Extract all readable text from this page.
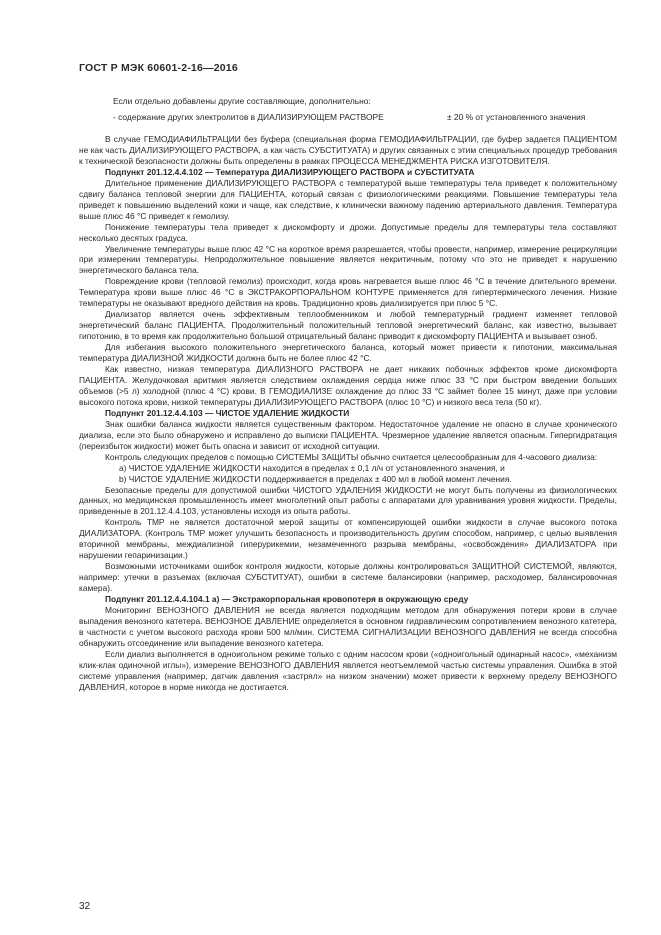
ГОСТ Р МЭК 60601-2-16—2016
Если отдельно добавлены другие составляющие, дополнительно:
- содержание других электролитов в ДИАЛИЗИРУЮЩЕМ РАСТВОРЕ	± 20 % от установленного значения

В случае ГЕМОДИАФИЛЬТРАЦИИ без буфера (специальная форма ГЕМОДИАФИЛЬТРАЦИИ, где буфер задается ПАЦИЕНТОМ не как часть ДИАЛИЗИРУЮЩЕГО РАСТВОРА, а как часть СУБСТИТУАТА) и других связанных с этим специальных процедур требования к технической безопасности должны быть определены в рамках ПРОЦЕССА МЕНЕДЖМЕНТА РИСКА ИЗГОТОВИТЕЛЯ.

Подпункт 201.12.4.4.102 — Температура ДИАЛИЗИРУЮЩЕГО РАСТВОРА и СУБСТИТУАТА

Длительное применение ДИАЛИЗИРУЮЩЕГО РАСТВОРА с температурой выше температуры тела приведет к положительному сдвигу баланса тепловой энергии для ПАЦИЕНТА, который связан с физиологическими реакциями. Повышение температуры тела приведет к повышению выделений кожи и чаще, как следствие, к клинически важному падению артериального давления. Температура выше плюс 46 °С приведет к гемолизу.

Понижение температуры тела приведет к дискомфорту и дрожи. Допустимые пределы для температуры тела составляют несколько десятых градуса.

Увеличение температуры выше плюс 42 °С на короткое время разрешается, чтобы провести, например, измерение рециркуляции при измерении температуры. Непродолжительное повышение является некритичным, потому что это не приведет к нарушению энергетического баланса тела.

Повреждение крови (тепловой гемолиз) происходит, когда кровь нагревается выше плюс 46 °С в течение длительного времени. Температура крови выше плюс 46 °С в ЭКСТРАКОРПОРАЛЬНОМ КОНТУРЕ применяется для гипертермического лечения. Низкие температуры не оказывают вредного действия на кровь. Традиционно кровь диализируется при плюс 5 °С.

Диализатор является очень эффективным теплообменником и любой температурный градиент изменяет тепловой энергетический баланс ПАЦИЕНТА. Продолжительный положительный тепловой энергетический баланс, как известно, вызывает гипотонию, в то время как продолжительно большой отрицательный баланс приводит к дискомфорту ПАЦИЕНТА и вызывает озноб.

Для избегания высокого положительного энергетического баланса, который может привести к гипотонии, максимальная температура ДИАЛИЗНОЙ ЖИДКОСТИ должна быть не более плюс 42 °С.

Как известно, низкая температура ДИАЛИЗНОГО РАСТВОРА не дает никаких побочных эффектов кроме дискомфорта ПАЦИЕНТА. Желудочковая аритмия является следствием охлаждения сердца ниже плюс 33 °С при быстром введении больших объемов (>5 л) холодной (плюс 4 °С) крови. В ГЕМОДИАЛИЗЕ охлаждение до плюс 33 °С займет более 15 минут, даже при условии высокого потока крови, низкой температуры ДИАЛИЗИРУЮЩЕГО РАСТВОРА (плюс 10 °С) и низкого веса тела (50 кг).

Подпункт 201.12.4.4.103 — ЧИСТОЕ УДАЛЕНИЕ ЖИДКОСТИ

Знак ошибки баланса жидкости является существенным фактором. Недостаточное удаление не опасно в случае хронического диализа, если это было обнаружено и исправлено до выписки ПАЦИЕНТА. Чрезмерное удаление является опасным. Гипергидратация (переизбыток жидкости) может быть опасна и зависит от исходной ситуации.

Контроль следующих пределов с помощью СИСТЕМЫ ЗАЩИТЫ обычно считается целесообразным для 4-часового диализа:

a) ЧИСТОЕ УДАЛЕНИЕ ЖИДКОСТИ находится в пределах ± 0,1 л/ч от установленного значения, и

b) ЧИСТОЕ УДАЛЕНИЕ ЖИДКОСТИ поддерживается в пределах ± 400 мл в любой момент лечения.

Безопасные пределы для допустимой ошибки ЧИСТОГО УДАЛЕНИЯ ЖИДКОСТИ не могут быть получены из физиологических данных, но медицинская промышленность имеет многолетний опыт работы с аппаратами для уравнивания уровня жидкости. Пределы, приведенные в 201.12.4.4.103, установлены исходя из опыта работы.

Контроль ТМР не является достаточной мерой защиты от компенсирующей ошибки жидкости в случае высокого потока ДИАЛИЗАТОРА. (Контроль ТМР может улучшить безопасность и производительность другим способом, например, с целью выявления вторичной мембраны, междиализной гиперурикемии, незамеченного разрыва мембраны, «освобождения» ДИАЛИЗАТОРА при нарушении гепаринизации.)

Возможными источниками ошибок контроля жидкости, которые должны контролироваться ЗАЩИТНОЙ СИСТЕМОЙ, являются, например: утечки в разъемах (включая СУБСТИТУАТ), ошибки в системе балансировки (например, расходомер, балансировочная камера).

Подпункт 201.12.4.4.104.1 a) — Экстракорпоральная кровопотеря в окружающую среду

Мониторинг ВЕНОЗНОГО ДАВЛЕНИЯ не всегда является подходящим методом для обнаружения потери крови в случае выпадения венозного катетера. ВЕНОЗНОЕ ДАВЛЕНИЕ определяется в основном гидравлическим сопротивлением венозного катетера, в частности с учетом высокого расхода крови 500 мл/мин. СИСТЕМА СИГНАЛИЗАЦИИ ВЕНОЗНОГО ДАВЛЕНИЯ не всегда способна обнаружить отсоединение или выпадение венозного катетера.

Если диализ выполняется в одноигольном режиме только с одним насосом крови («одноигольный одинарный насос», «механизм клик-клак одиночной иглы»), измерение ВЕНОЗНОГО ДАВЛЕНИЯ является неотъемлемой частью системы управления. Ошибка в этой системе управления (например, датчик давления «застрял» на низком значении) может привести к верхнему пределу ВЕНОЗНОГО ДАВЛЕНИЯ, которое в норме никогда не достигается.

32
